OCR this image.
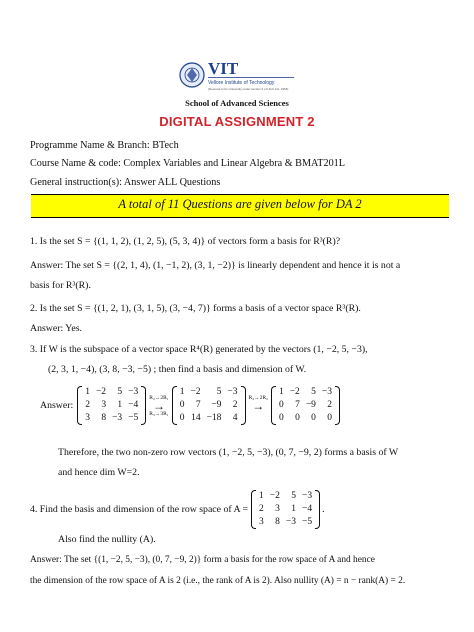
VIT
Vellore Institute of Technology
(Deemed to be University under section 3 of UGC Act, 1956)
School of Advanced Sciences
DIGITAL ASSIGNMENT 2
Programme Name & Branch: BTech
Course Name & code: Complex Variables and Linear Algebra & BMAT201L
General instruction(s): Answer ALL Questions
A total of 11 Questions are given below for DA 2
1. Is the set S = {(1, 1, 2), (1, 2, 5), (5, 3, 4)} of vectors form a basis for R³(R)?
Answer: The set S = {(2, 1, 4), (1, −1, 2), (3, 1, −2)} is linearly dependent and hence it is not a
basis for R³(R).
2. Is the set S = {(1, 2, 1), (3, 1, 5), (3, −4, 7)} forms a basis of a vector space R³(R).
Answer: Yes.
3. If W is the subspace of a vector space R⁴(R) generated by the vectors (1, −2, 5, −3),
(2, 3, 1, −4), (3, 8, −3, −5) ; then find a basis and dimension of W.
Answer:
1	−2	5	−3
2	3	1	−4
3	8	−3	−5
R₂→2R₁
→
R₃→3R₁
1	−2	5	−3
0	7	−9	2
0	14	−18	4
R₃→2R₂
→

1	−2	5	−3
0	7	−9	2
0	0	0	0
Therefore, the two non-zero row vectors (1, −2, 5, −3), (0, 7, −9, 2) forms a basis of W
and hence dim W=2.
4. Find the basis and dimension of the row space of A =
1	−2	5	−3
2	3	1	−4
3	8	−3	−5
.
Also find the nullity (A).
Answer: The set {(1, −2, 5, −3), (0, 7, −9, 2)} form a basis for the row space of A and hence
the dimension of the row space of A is 2 (i.e., the rank of A is 2). Also nullity (A) = n − rank(A) = 2.
